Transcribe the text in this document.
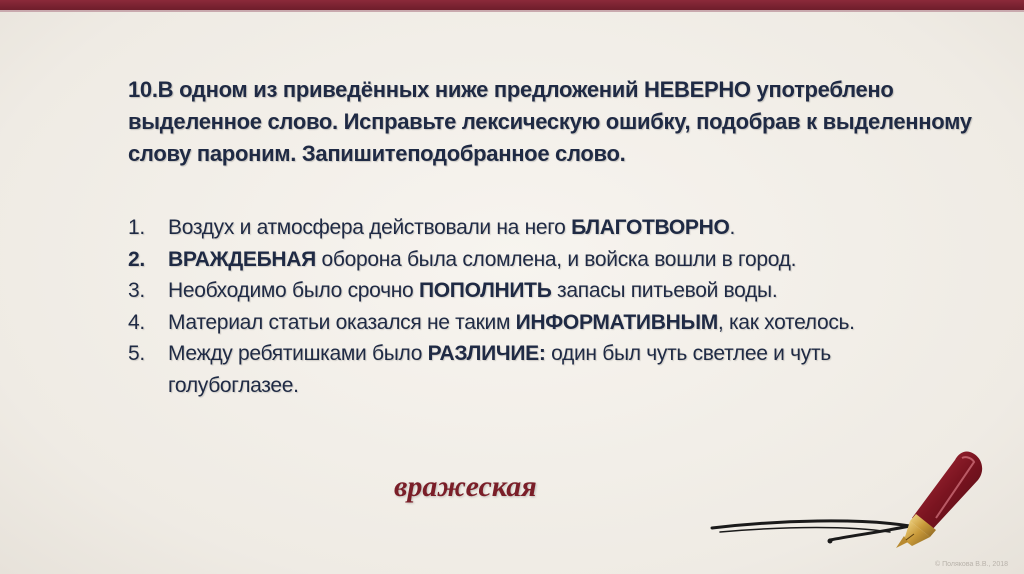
10.В одном из приведённых ниже предложений НЕВЕРНО употреблено выделенное слово. Исправьте лексическую ошибку, подобрав к выделенному слову пароним. Запишитеподобранное слово.
1.	Воздух и атмосфера действовали на него БЛАГОТВОРНО.
2.	ВРАЖДЕБНАЯ оборона была сломлена, и войска вошли в город.
3.	Необходимо было срочно ПОПОЛНИТЬ запасы питьевой воды.
4.	Материал статьи оказался не таким ИНФОРМАТИВНЫМ, как хотелось.
5.	Между ребятишками было РАЗЛИЧИЕ: один был чуть светлее и чуть голубоглазее.
вражеская
© Полякова В.В., 2018
